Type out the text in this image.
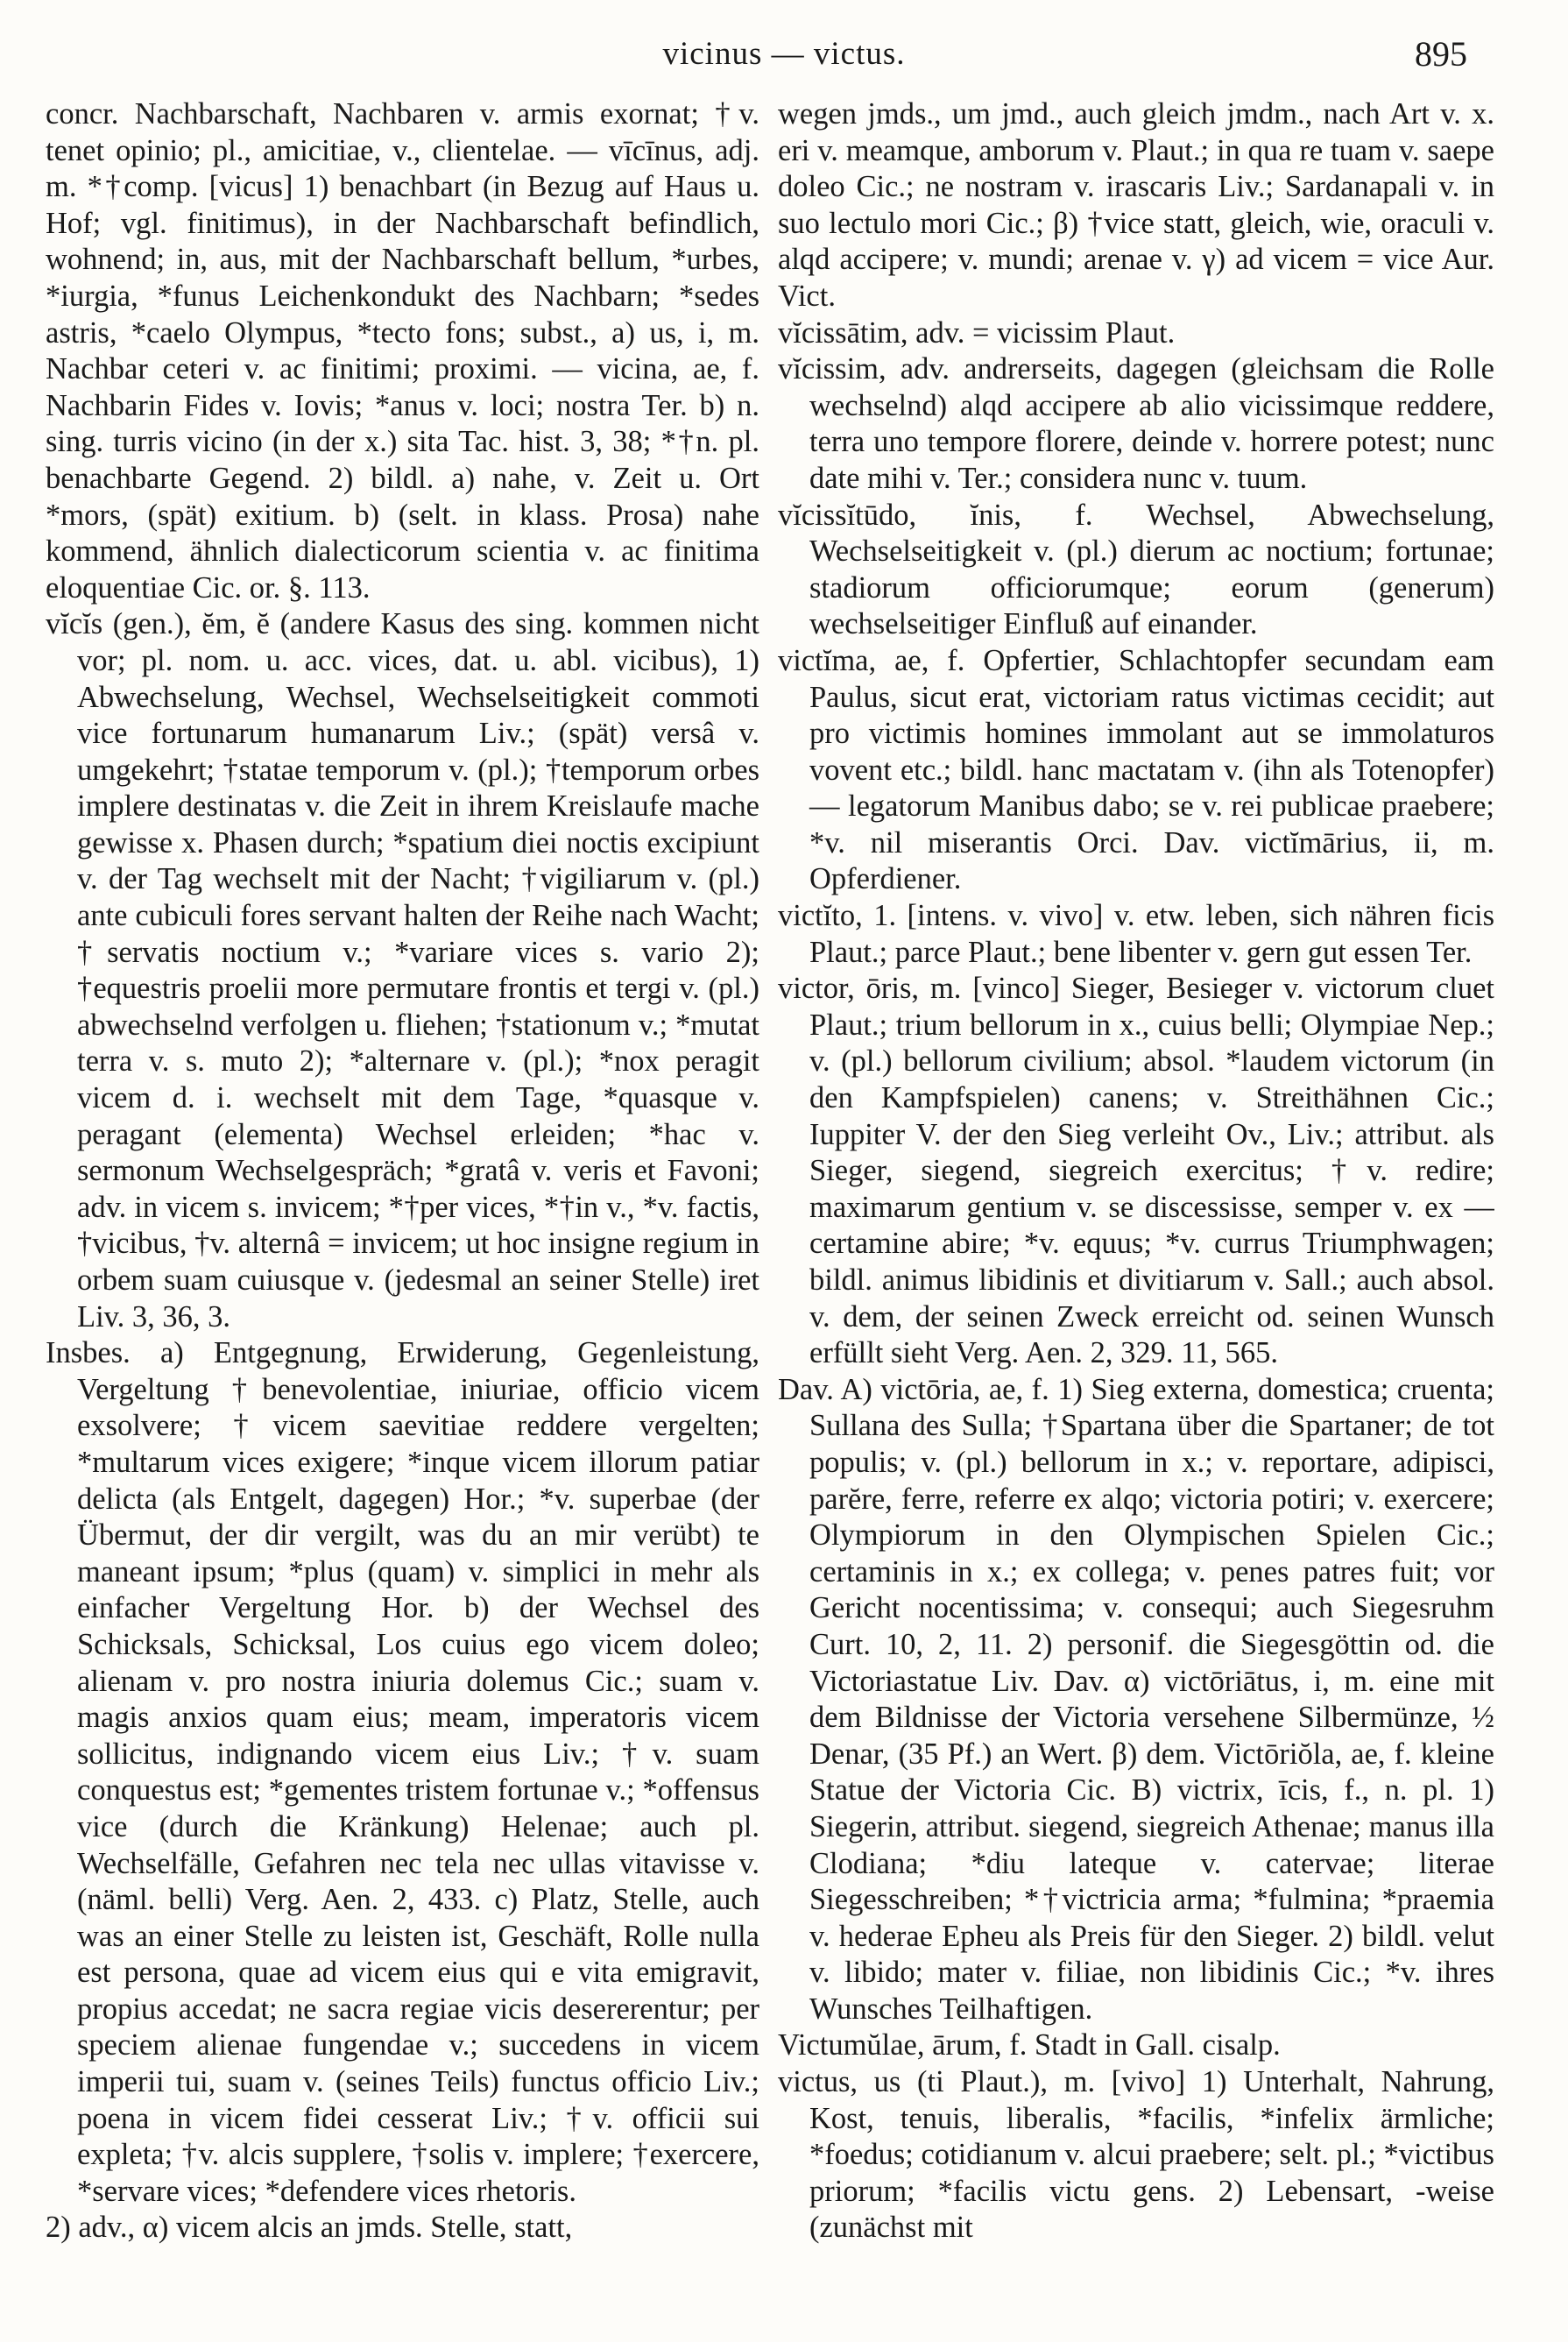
vicinus — victus.	895

concr. Nachbarschaft, Nachbaren v. armis exornat; †v. tenet opinio; pl., amicitiae, v., clientelae. — vīcīnus, adj. m. *†comp. [vicus] 1) benachbart (in Bezug auf Haus u. Hof; vgl. finitimus), in der Nachbarschaft befindlich, wohnend; in, aus, mit der Nachbarschaft bellum, *urbes, *iurgia, *funus Leichenkondukt des Nachbarn; *sedes astris, *caelo Olympus, *tecto fons; subst., a) us, i, m. Nachbar ceteri v. ac finitimi; proximi. — vicina, ae, f. Nachbarin Fides v. Iovis; *anus v. loci; nostra Ter. b) n. sing. turris vicino (in der x.) sita Tac. hist. 3, 38; *†n. pl. benachbarte Gegend. 2) bildl. a) nahe, v. Zeit u. Ort *mors, (spät) exitium. b) (selt. in klass. Prosa) nahe kommend, ähnlich dialecticorum scientia v. ac finitima eloquentiae Cic. or. §. 113.

vĭcĭs (gen.), ĕm, ĕ (andere Kasus des sing. kommen nicht vor; pl. nom. u. acc. vices, dat. u. abl. vicibus), 1) Abwechselung, Wechsel, Wechselseitigkeit commoti vice fortunarum humanarum Liv.; (spät) versâ v. umgekehrt; †statae temporum v. (pl.); †temporum orbes implere destinatas v. die Zeit in ihrem Kreislaufe mache gewisse x. Phasen durch; *spatium diei noctis excipiunt v. der Tag wechselt mit der Nacht; †vigiliarum v. (pl.) ante cubiculi fores servant halten der Reihe nach Wacht; †servatis noctium v.; *variare vices s. vario 2); †equestris proelii more permutare frontis et tergi v. (pl.) abwechselnd verfolgen u. fliehen; †stationum v.; *mutat terra v. s. muto 2); *alternare v. (pl.); *nox peragit vicem d. i. wechselt mit dem Tage, *quasque v. peragant (elementa) Wechsel erleiden; *hac v. sermonum Wechselgespräch; *gratâ v. veris et Favoni; adv. in vicem s. invicem; *†per vices, *†in v., *v. factis, †vicibus, †v. alternâ = invicem; ut hoc insigne regium in orbem suam cuiusque v. (jedesmal an seiner Stelle) iret Liv. 3, 36, 3.

Insbes. a) Entgegnung, Erwiderung, Gegenleistung, Vergeltung †benevolentiae, iniuriae, officio vicem exsolvere; †vicem saevitiae reddere vergelten; *multarum vices exigere; *inque vicem illorum patiar delicta (als Entgelt, dagegen) Hor.; *v. superbae (der Übermut, der dir vergilt, was du an mir verübt) te maneant ipsum; *plus (quam) v. simplici in mehr als einfacher Vergeltung Hor. b) der Wechsel des Schicksals, Schicksal, Los cuius ego vicem doleo; alienam v. pro nostra iniuria dolemus Cic.; suam v. magis anxios quam eius; meam, imperatoris vicem sollicitus, indignando vicem eius Liv.; †v. suam conquestus est; *gementes tristem fortunae v.; *offensus vice (durch die Kränkung) Helenae; auch pl. Wechselfälle, Gefahren nec tela nec ullas vitavisse v. (näml. belli) Verg. Aen. 2, 433. c) Platz, Stelle, auch was an einer Stelle zu leisten ist, Geschäft, Rolle nulla est persona, quae ad vicem eius qui e vita emigravit, propius accedat; ne sacra regiae vicis desererentur; per speciem alienae fungendae v.; succedens in vicem imperii tui, suam v. (seines Teils) functus officio Liv.; poena in vicem fidei cesserat Liv.; †v. officii sui expleta; †v. alcis supplere, †solis v. implere; †exercere, *servare vices; *defendere vices rhetoris.

2) adv., α) vicem alcis an jmds. Stelle, statt,

wegen jmds., um jmd., auch gleich jmdm., nach Art v. x. eri v. meamque, amborum v. Plaut.; in qua re tuam v. saepe doleo Cic.; ne nostram v. irascaris Liv.; Sardanapali v. in suo lectulo mori Cic.; β) †vice statt, gleich, wie, oraculi v. alqd accipere; v. mundi; arenae v. γ) ad vicem = vice Aur. Vict.

vĭcissātim, adv. = vicissim Plaut.

vĭcissim, adv. andrerseits, dagegen (gleichsam die Rolle wechselnd) alqd accipere ab alio vicissimque reddere, terra uno tempore florere, deinde v. horrere potest; nunc date mihi v. Ter.; considera nunc v. tuum.

vĭcissĭtūdo, ĭnis, f. Wechsel, Abwechselung, Wechselseitigkeit v. (pl.) dierum ac noctium; fortunae; stadiorum officiorumque; eorum (generum) wechselseitiger Einfluß auf einander.

victĭma, ae, f. Opfertier, Schlachtopfer secundam eam Paulus, sicut erat, victoriam ratus victimas cecidit; aut pro victimis homines immolant aut se immolaturos vovent etc.; bildl. hanc mactatam v. (ihn als Totenopfer) — legatorum Manibus dabo; se v. rei publicae praebere; *v. nil miserantis Orci. Dav. victĭmārius, ii, m. Opferdiener.

victĭto, 1. [intens. v. vivo] v. etw. leben, sich nähren ficis Plaut.; parce Plaut.; bene libenter v. gern gut essen Ter.

victor, ōris, m. [vinco] Sieger, Besieger v. victorum cluet Plaut.; trium bellorum in x., cuius belli; Olympiae Nep.; v. (pl.) bellorum civilium; absol. *laudem victorum (in den Kampfspielen) canens; v. Streithähnen Cic.; Iuppiter V. der den Sieg verleiht Ov., Liv.; attribut. als Sieger, siegend, siegreich exercitus; †v. redire; maximarum gentium v. se discessisse, semper v. ex — certamine abire; *v. equus; *v. currus Triumphwagen; bildl. animus libidinis et divitiarum v. Sall.; auch absol. v. dem, der seinen Zweck erreicht od. seinen Wunsch erfüllt sieht Verg. Aen. 2, 329. 11, 565.

Dav. A) victōria, ae, f. 1) Sieg externa, domestica; cruenta; Sullana des Sulla; †Spartana über die Spartaner; de tot populis; v. (pl.) bellorum in x.; v. reportare, adipisci, parĕre, ferre, referre ex alqo; victoria potiri; v. exercere; Olympiorum in den Olympischen Spielen Cic.; certaminis in x.; ex collega; v. penes patres fuit; vor Gericht nocentissima; v. consequi; auch Siegesruhm Curt. 10, 2, 11. 2) personif. die Siegesgöttin od. die Victoriastatue Liv. Dav. α) victōriātus, i, m. eine mit dem Bildnisse der Victoria versehene Silbermünze, ½ Denar, (35 Pf.) an Wert. β) dem. Victōriŏla, ae, f. kleine Statue der Victoria Cic. B) victrix, īcis, f., n. pl. 1) Siegerin, attribut. siegend, siegreich Athenae; manus illa Clodiana; *diu lateque v. catervae; literae Siegesschreiben; *†victricia arma; *fulmina; *praemia v. hederae Epheu als Preis für den Sieger. 2) bildl. velut v. libido; mater v. filiae, non libidinis Cic.; *v. ihres Wunsches Teilhaftigen.

Victumŭlae, ārum, f. Stadt in Gall. cisalp.

victus, us (ti Plaut.), m. [vivo] 1) Unterhalt, Nahrung, Kost, tenuis, liberalis, *facilis, *infelix ärmliche; *foedus; cotidianum v. alcui praebere; selt. pl.; *victibus priorum; *facilis victu gens. 2) Lebensart, -weise (zunächst mit
